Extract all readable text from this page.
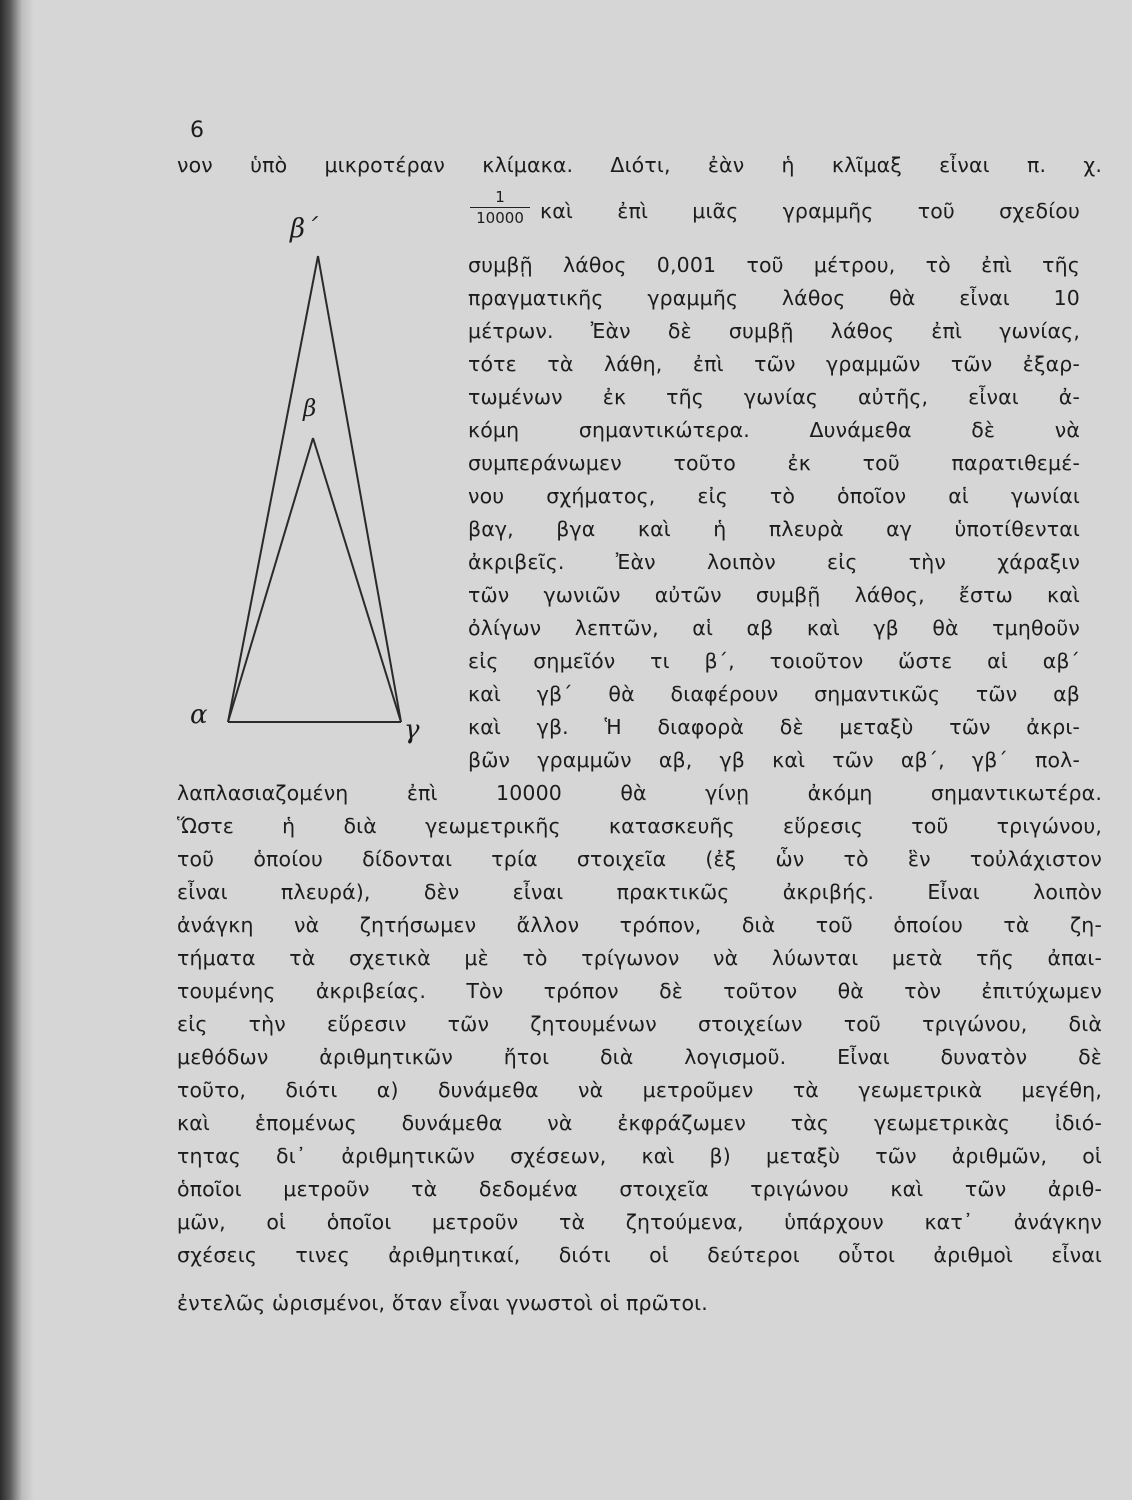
6
νον ὑπὸ μικροτέραν κλίμακα. Διότι, ἐὰν ἡ κλῖμαξ εἶναι π. χ.
$\frac{1}{10000}$ καὶ ἐπὶ μιᾶς γραμμῆς τοῦ σχεδίου
συμβῇ λάθος 0,001 τοῦ μέτρου, τὸ ἐπὶ τῆς
πραγματικῆς γραμμῆς λάθος θὰ εἶναι 10
μέτρων. Ἐὰν δὲ συμβῇ λάθος ἐπὶ γωνίας,
τότε τὰ λάθη, ἐπὶ τῶν γραμμῶν τῶν ἐξαρ-
τωμένων ἐκ τῆς γωνίας αὐτῆς, εἶναι ἀ-
κόμη σημαντικώτερα. Δυνάμεθα δὲ νὰ
συμπεράνωμεν τοῦτο ἐκ τοῦ παρατιθεμέ-
νου σχήματος, εἰς τὸ ὁποῖον αἱ γωνίαι
βαγ, βγα καὶ ἡ πλευρὰ αγ ὑποτίθενται
ἀκριβεῖς. Ἐὰν λοιπὸν εἰς τὴν χάραξιν
τῶν γωνιῶν αὐτῶν συμβῇ λάθος, ἔστω καὶ
ὀλίγων λεπτῶν, αἱ αβ καὶ γβ θὰ τμηθοῦν
εἰς σημεῖόν τι β΄, τοιοῦτον ὥστε αἱ αβ΄
καὶ γβ΄ θὰ διαφέρουν σημαντικῶς τῶν αβ
καὶ γβ. Ἡ διαφορὰ δὲ μεταξὺ τῶν ἀκρι-
βῶν γραμμῶν αβ, γβ καὶ τῶν αβ΄, γβ΄ πολ-
λαπλασιαζομένη ἐπὶ 10000 θὰ γίνῃ ἀκόμη σημαντικωτέρα.
Ὥστε ἡ διὰ γεωμετρικῆς κατασκευῆς εὕρεσις τοῦ τριγώνου,
τοῦ ὁποίου δίδονται τρία στοιχεῖα (ἐξ ὧν τὸ ἓν τοὐλάχιστον
εἶναι πλευρά), δὲν εἶναι πρακτικῶς ἀκριβής. Εἶναι λοιπὸν
ἀνάγκη νὰ ζητήσωμεν ἄλλον τρόπον, διὰ τοῦ ὁποίου τὰ ζη-
τήματα τὰ σχετικὰ μὲ τὸ τρίγωνον νὰ λύωνται μετὰ τῆς ἀπαι-
τουμένης ἀκριβείας. Τὸν τρόπον δὲ τοῦτον θὰ τὸν ἐπιτύχωμεν
εἰς τὴν εὕρεσιν τῶν ζητουμένων στοιχείων τοῦ τριγώνου, διὰ
μεθόδων ἀριθμητικῶν ἤτοι διὰ λογισμοῦ. Εἶναι δυνατὸν δὲ
τοῦτο, διότι α) δυνάμεθα νὰ μετροῦμεν τὰ γεωμετρικὰ μεγέθη,
καὶ ἑπομένως δυνάμεθα νὰ ἐκφράζωμεν τὰς γεωμετρικὰς ἰδιό-
τητας δι᾽ ἀριθμητικῶν σχέσεων, καὶ β) μεταξὺ τῶν ἀριθμῶν, οἱ
ὁποῖοι μετροῦν τὰ δεδομένα στοιχεῖα τριγώνου καὶ τῶν ἀριθ-
μῶν, οἱ ὁποῖοι μετροῦν τὰ ζητούμενα, ὑπάρχουν κατ᾽ ἀνάγκην
σχέσεις τινες ἀριθμητικαί, διότι οἱ δεύτεροι οὗτοι ἀριθμοὶ εἶναι
ἐντελῶς ὡρισμένοι, ὅταν εἶναι γνωστοὶ οἱ πρῶτοι.
β΄
β
α	γ
